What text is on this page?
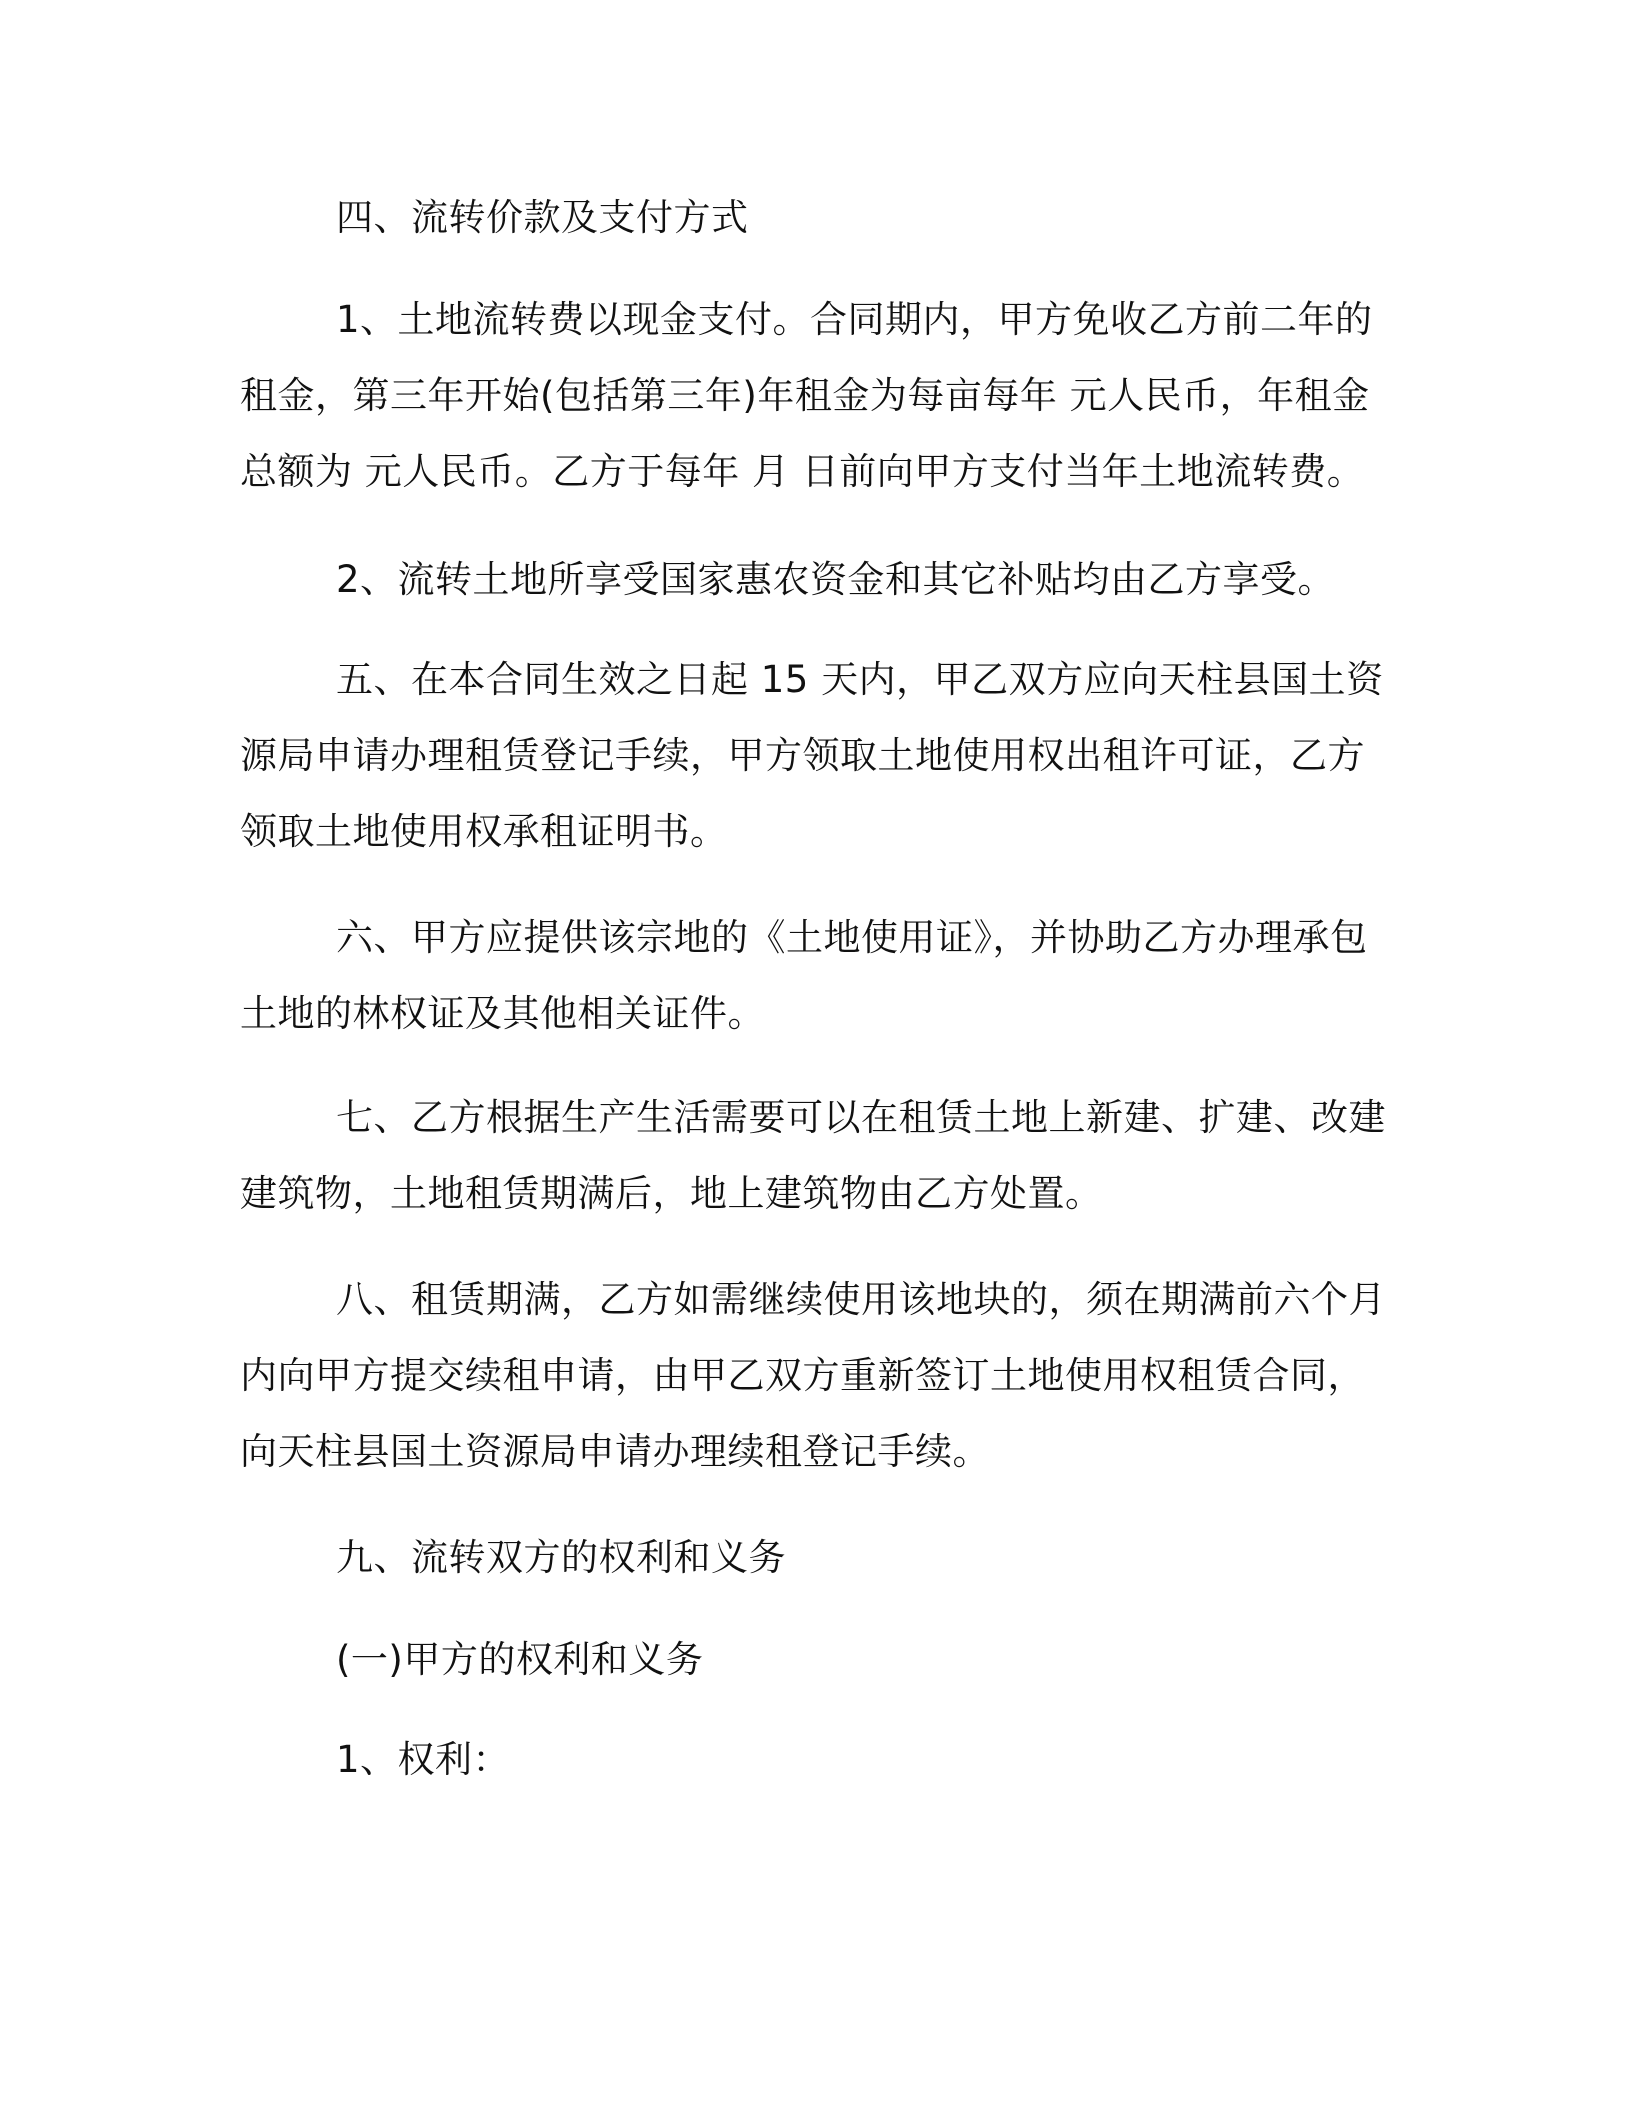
四、流转价款及支付方式
1、土地流转费以现金支付。合同期内，甲方免收乙方前二年的
租金，第三年开始(包括第三年)年租金为每亩每年 元人民币，年租金
总额为 元人民币。乙方于每年 月 日前向甲方支付当年土地流转费。
2、流转土地所享受国家惠农资金和其它补贴均由乙方享受。
五、在本合同生效之日起 15 天内，甲乙双方应向天柱县国土资
源局申请办理租赁登记手续，甲方领取土地使用权出租许可证，乙方
领取土地使用权承租证明书。
六、甲方应提供该宗地的《土地使用证》，并协助乙方办理承包
土地的林权证及其他相关证件。
七、乙方根据生产生活需要可以在租赁土地上新建、扩建、改建
建筑物，土地租赁期满后，地上建筑物由乙方处置。
八、租赁期满，乙方如需继续使用该地块的，须在期满前六个月
内向甲方提交续租申请，由甲乙双方重新签订土地使用权租赁合同，
向天柱县国土资源局申请办理续租登记手续。
九、流转双方的权利和义务
(一)甲方的权利和义务
1、权利：
